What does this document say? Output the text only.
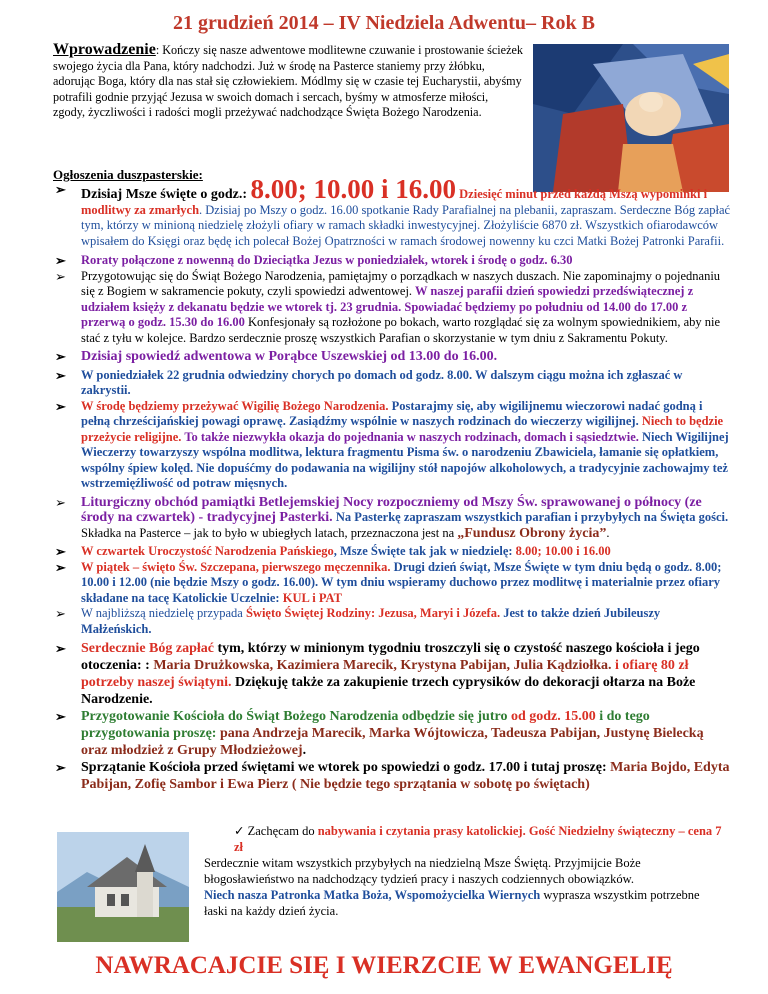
21 grudzień 2014 – IV Niedziela Adwentu– Rok B
Wprowadzenie: Kończy się nasze adwentowe modlitewne czuwanie i prostowanie ścieżek swojego życia dla Pana, który nadchodzi. Już w środę na Pasterce staniemy przy żłóbku, adorując Boga, który dla nas stał się człowiekiem. Módlmy się w czasie tej Eucharystii, abyśmy potrafili godnie przyjąć Jezusa w swoich domach i sercach, byśmy w atmosferze miłości, zgody, życzliwości i radości mogli przeżywać nadchodzące Święta Bożego Narodzenia.
Ogłoszenia duszpasterskie:
➢ Dzisiaj Msze święte o godz.: 8.00; 10.00 i 16.00 Dziesięć minut przed każdą Mszą wypominki i modlitwy za zmarłych. Dzisiaj po Mszy o godz. 16.00 spotkanie Rady Parafialnej na plebanii, zapraszam. Serdeczne Bóg zapłać tym, którzy w minioną niedzielę złożyli ofiary w ramach składki inwestycyjnej. Złożyliście 6870 zł. Wszystkich ofiarodawców wpisałem do Księgi oraz będę ich polecał Bożej Opatrzności w ramach środowej nowenny ku czci Matki Bożej Patronki Parafii.
➢ Roraty połączone z nowenną do Dzieciątka Jezus w poniedziałek, wtorek i środę o godz. 6.30
➢ Przygotowując się do Świąt Bożego Narodzenia, pamiętajmy o porządkach w naszych duszach. Nie zapominajmy o pojednaniu się z Bogiem w sakramencie pokuty, czyli spowiedzi adwentowej. W naszej parafii dzień spowiedzi przedświątecznej z udziałem księży z dekanatu będzie we wtorek tj. 23 grudnia. Spowiadać będziemy po południu od 14.00 do 17.00 z przerwą o godz. 15.30 do 16.00 Konfesjonały są rozłożone po bokach, warto rozglądać się za wolnym spowiednikiem, aby nie stać z tyłu w kolejce. Bardzo serdecznie proszę wszystkich Parafian o skorzystanie w tym dniu z Sakramentu Pokuty.
➢ Dzisiaj spowiedź adwentowa w Porąbce Uszewskiej od 13.00 do 16.00.
➢ W poniedziałek 22 grudnia odwiedziny chorych po domach od godz. 8.00. W dalszym ciągu można ich zgłaszać w zakrystii.
➢ W środę będziemy przeżywać Wigilię Bożego Narodzenia. Postarajmy się, aby wigilijnemu wieczorowi nadać godną i pełną chrześcijańskiej powagi oprawę. Zasiądźmy wspólnie w naszych rodzinach do wieczerzy wigilijnej. Niech to będzie przeżycie religijne. To także niezwykła okazja do pojednania w naszych rodzinach, domach i sąsiedztwie. Niech Wigilijnej Wieczerzy towarzyszy wspólna modlitwa, lektura fragmentu Pisma św. o narodzeniu Zbawiciela, łamanie się opłatkiem, wspólny śpiew kolęd. Nie dopuśćmy do podawania na wigilijny stół napojów alkoholowych, a tradycyjnie zachowajmy też wstrzemięźliwość od potraw mięsnych.
➢ Liturgiczny obchód pamiątki Betlejemskiej Nocy rozpoczniemy od Mszy Św. sprawowanej o północy (ze środy na czwartek) - tradycyjnej Pasterki. Na Pasterkę zapraszam wszystkich parafian i przybyłych na Święta gości. Składka na Pasterce – jak to było w ubiegłych latach, przeznaczona jest na „Fundusz Obrony życia”.
➢ W czwartek Uroczystość Narodzenia Pańskiego, Msze Święte tak jak w niedzielę: 8.00; 10.00 i 16.00
➢ W piątek – święto Św. Szczepana, pierwszego męczennika. Drugi dzień świąt, Msze Święte w tym dniu będą o godz. 8.00; 10.00 i 12.00 (nie będzie Mszy o godz. 16.00). W tym dniu wspieramy duchowo przez modlitwę i materialnie przez ofiary składane na tacę Katolickie Uczelnie: KUL i PAT
➢ W najbliższą niedzielę przypada Święto Świętej Rodziny: Jezusa, Maryi i Józefa. Jest to także dzień Jubileuszy Małżeńskich.
➢ Serdecznie Bóg zapłać tym, którzy w minionym tygodniu troszczyli się o czystość naszego kościoła i jego otoczenia: : Maria Drużkowska, Kazimiera Marecik, Krystyna Pabijan, Julia Kądziołka. i ofiarę 80 zł potrzeby naszej świątyni. Dziękuję także za zakupienie trzech cyprysików do dekoracji ołtarza na Boże Narodzenie.
➢ Przygotowanie Kościoła do Świąt Bożego Narodzenia odbędzie się jutro od godz. 15.00 i do tego przygotowania proszę: pana Andrzeja Marecik, Marka Wójtowicza, Tadeusza Pabijan, Justynę Bielecką oraz młodzież z Grupy Młodzieżowej.
➢ Sprzątanie Kościoła przed świętami we wtorek po spowiedzi o godz. 17.00 i tutaj proszę: Maria Bojdo, Edyta Pabijan, Zofię Sambor i Ewa Pierz ( Nie będzie tego sprzątania w sobotę po świętach)
✓ Zachęcam do nabywania i czytania prasy katolickiej. Gość Niedzielny świąteczny – cena 7 zł
Serdecznie witam wszystkich przybyłych na niedzielną Msze Świętą. Przyjmijcie Boże błogosławieństwo na nadchodzący tydzień pracy i naszych codziennych obowiązków.
Niech nasza Patronka Matka Boża, Wspomożycielka Wiernych wyprasza wszystkim potrzebne łaski na każdy dzień życia.
NAWRACAJCIE SIĘ I WIERZCIE W EWANGELIĘ
